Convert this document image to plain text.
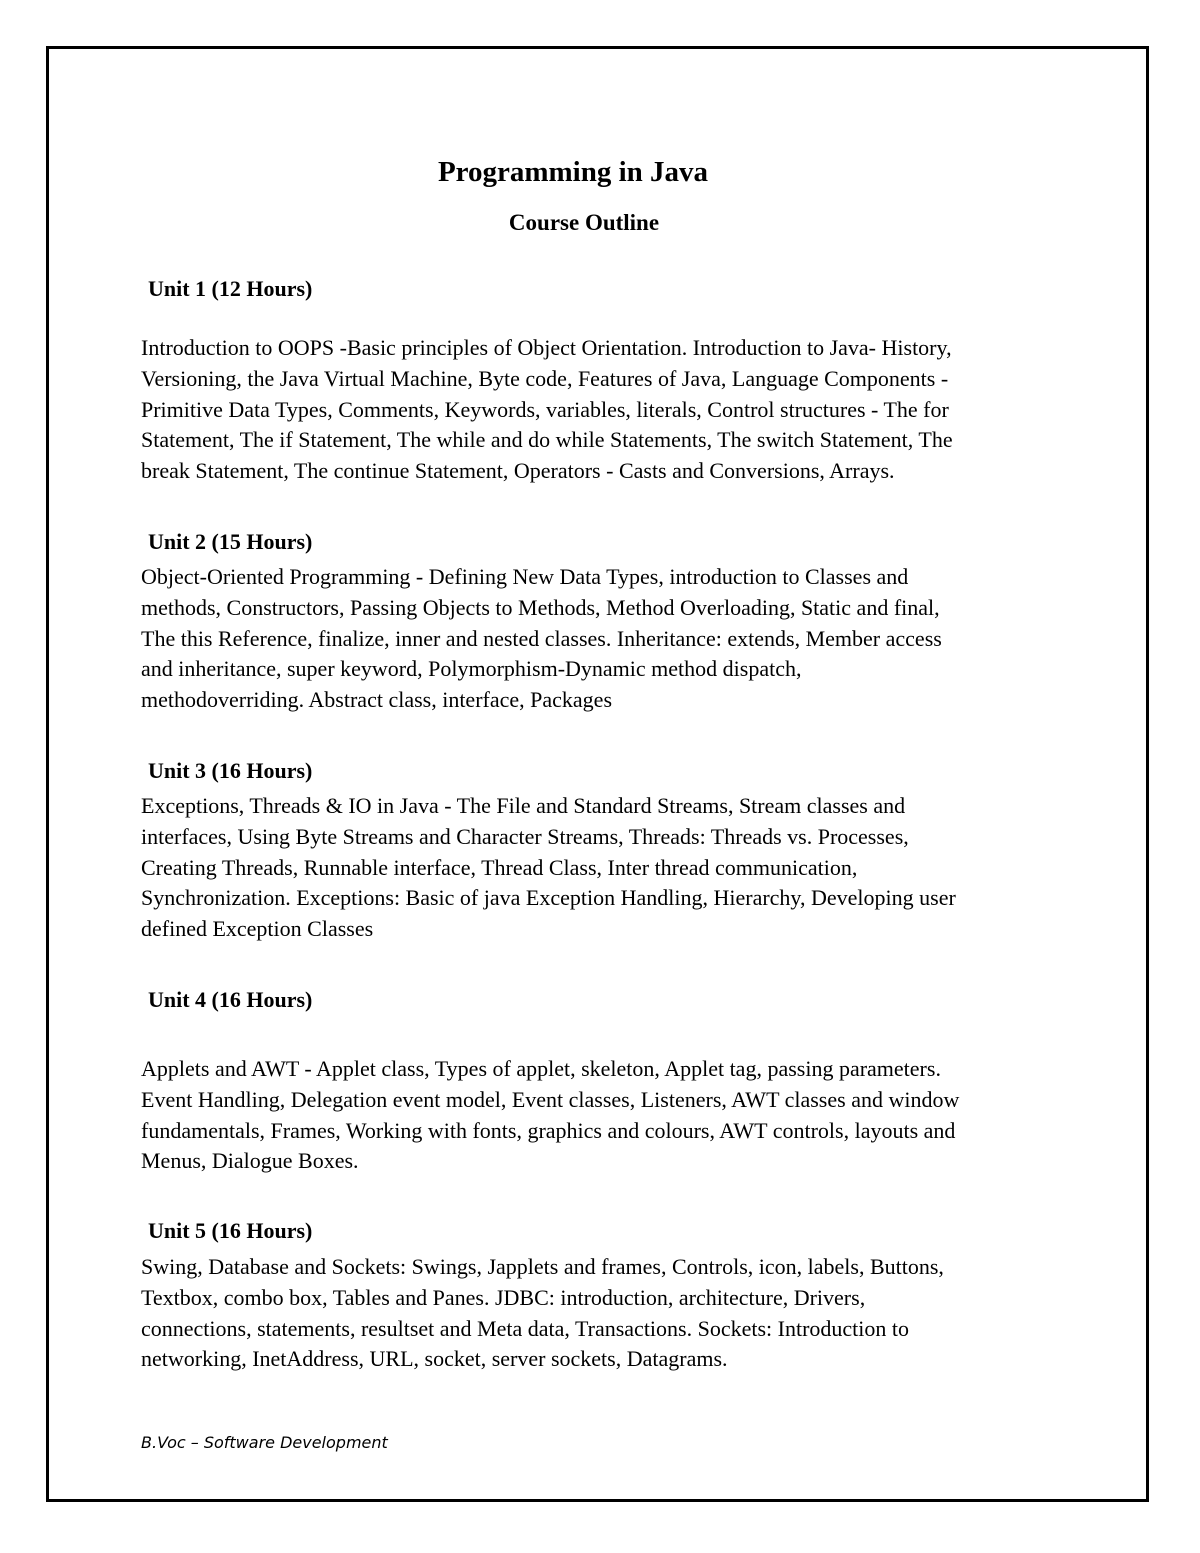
Programming in Java
Course Outline
Unit 1 (12 Hours)
Introduction to OOPS -Basic principles of Object Orientation. Introduction to Java- History,
Versioning, the Java Virtual Machine, Byte code, Features of Java, Language Components -
Primitive Data Types, Comments, Keywords, variables, literals, Control structures - The for
Statement, The if Statement, The while and do while Statements, The switch Statement, The
break Statement, The continue Statement, Operators - Casts and Conversions, Arrays.
Unit 2 (15 Hours)
Object-Oriented Programming - Defining New Data Types, introduction to Classes and
methods, Constructors, Passing Objects to Methods, Method Overloading, Static and final,
The this Reference, finalize, inner and nested classes. Inheritance: extends, Member access
and inheritance, super keyword, Polymorphism-Dynamic method dispatch,
methodoverriding. Abstract class, interface, Packages
Unit 3 (16 Hours)
Exceptions, Threads & IO in Java - The File and Standard Streams, Stream classes and
interfaces, Using Byte Streams and Character Streams, Threads: Threads vs. Processes,
Creating Threads, Runnable interface, Thread Class, Inter thread communication,
Synchronization. Exceptions: Basic of java Exception Handling, Hierarchy, Developing user
defined Exception Classes
Unit 4 (16 Hours)
Applets and AWT - Applet class, Types of applet, skeleton, Applet tag, passing parameters.
Event Handling, Delegation event model, Event classes, Listeners, AWT classes and window
fundamentals, Frames, Working with fonts, graphics and colours, AWT controls, layouts and
Menus, Dialogue Boxes.
Unit 5 (16 Hours)
Swing, Database and Sockets: Swings, Japplets and frames, Controls, icon, labels, Buttons,
Textbox, combo box, Tables and Panes. JDBC: introduction, architecture, Drivers,
connections, statements, resultset and Meta data, Transactions. Sockets: Introduction to
networking, InetAddress, URL, socket, server sockets, Datagrams.

B.Voc – Software Development
